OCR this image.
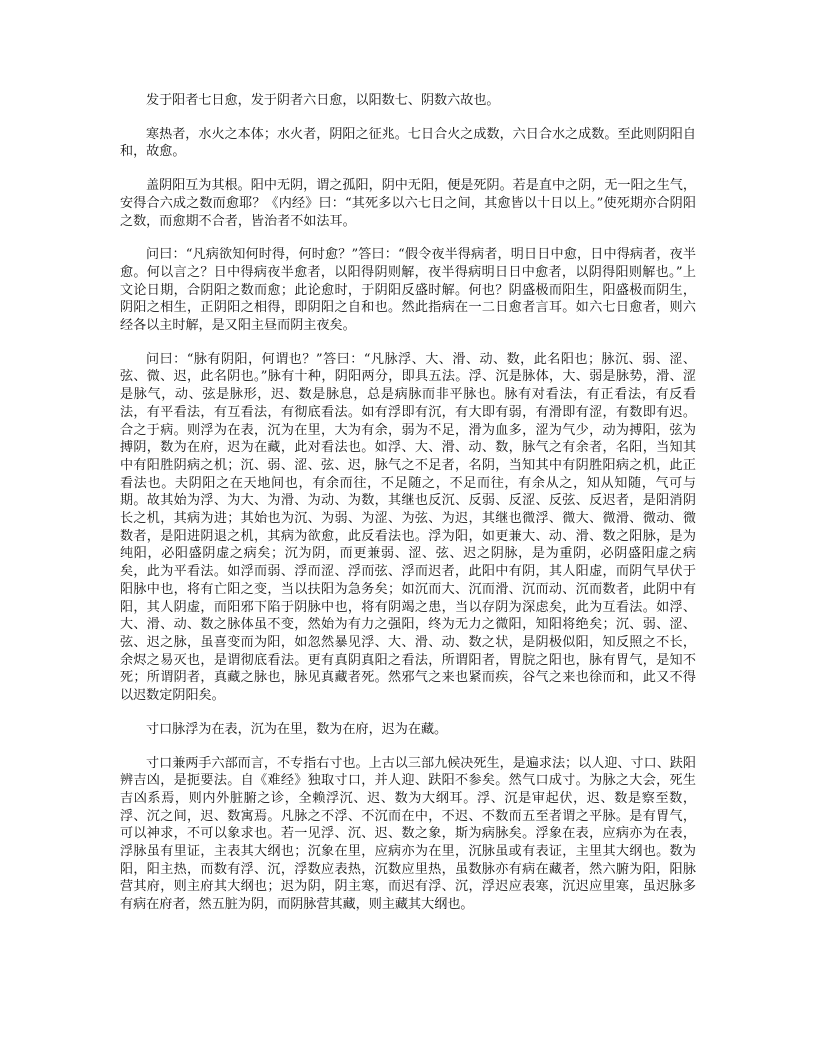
发于阳者七日愈，发于阴者六日愈，以阳数七、阴数六故也。

寒热者，水火之本体；水火者，阴阳之征兆。七日合火之成数，六日合水之成数。至此则阴阳自和，故愈。

盖阴阳互为其根。阳中无阴，谓之孤阳，阴中无阳，便是死阴。若是直中之阴，无一阳之生气，安得合六成之数而愈耶？《内经》曰：“其死多以六七日之间，其愈皆以十日以上。”使死期亦合阴阳之数，而愈期不合者，皆治者不如法耳。

问曰：“凡病欲知何时得，何时愈？”答曰：“假令夜半得病者，明日日中愈，日中得病者，夜半愈。何以言之？日中得病夜半愈者，以阳得阴则解，夜半得病明日日中愈者，以阴得阳则解也。”上文论日期，合阴阳之数而愈；此论愈时，于阴阳反盛时解。何也？阴盛极而阳生，阳盛极而阴生，阴阳之相生，正阴阳之相得，即阴阳之自和也。然此指病在一二日愈者言耳。如六七日愈者，则六经各以主时解，是又阳主昼而阴主夜矣。

问曰：“脉有阴阳，何谓也？”答曰：“凡脉浮、大、滑、动、数，此名阳也；脉沉、弱、涩、弦、微、迟，此名阴也。”脉有十种，阴阳两分，即具五法。浮、沉是脉体，大、弱是脉势，滑、涩是脉气，动、弦是脉形，迟、数是脉息，总是病脉而非平脉也。脉有对看法，有正看法，有反看法，有平看法，有互看法，有彻底看法。如有浮即有沉，有大即有弱，有滑即有涩，有数即有迟。合之于病。则浮为在表，沉为在里，大为有余，弱为不足，滑为血多，涩为气少，动为搏阳，弦为搏阴，数为在府，迟为在藏，此对看法也。如浮、大、滑、动、数，脉气之有余者，名阳，当知其中有阳胜阴病之机；沉、弱、涩、弦、迟，脉气之不足者，名阴，当知其中有阴胜阳病之机，此正看法也。夫阴阳之在天地间也，有余而往，不足随之，不足而往，有余从之，知从知随，气可与期。故其始为浮、为大、为滑、为动、为数，其继也反沉、反弱、反涩、反弦、反迟者，是阳消阴长之机，其病为进；其始也为沉、为弱、为涩、为弦、为迟，其继也微浮、微大、微滑、微动、微数者，是阳进阴退之机，其病为欲愈，此反看法也。浮为阳，如更兼大、动、滑、数之阳脉，是为纯阳，必阳盛阴虚之病矣；沉为阴，而更兼弱、涩、弦、迟之阴脉，是为重阴，必阴盛阳虚之病矣，此为平看法。如浮而弱、浮而涩、浮而弦、浮而迟者，此阳中有阴，其人阳虚，而阴气早伏于阳脉中也，将有亡阳之变，当以扶阳为急务矣；如沉而大、沉而滑、沉而动、沉而数者，此阴中有阳，其人阴虚，而阳邪下陷于阴脉中也，将有阴竭之患，当以存阴为深虑矣，此为互看法。如浮、大、滑、动、数之脉体虽不变，然始为有力之强阳，终为无力之微阳，知阳将绝矣；沉、弱、涩、弦、迟之脉，虽喜变而为阳，如忽然暴见浮、大、滑、动、数之状，是阴极似阳，知反照之不长，余烬之易灭也，是谓彻底看法。更有真阴真阳之看法，所谓阳者，胃脘之阳也，脉有胃气，是知不死；所谓阴者，真藏之脉也，脉见真藏者死。然邪气之来也紧而疾，谷气之来也徐而和，此又不得以迟数定阴阳矣。

寸口脉浮为在表，沉为在里，数为在府，迟为在藏。

寸口兼两手六部而言，不专指右寸也。上古以三部九候决死生，是遍求法；以人迎、寸口、趺阳辨吉凶，是扼要法。自《难经》独取寸口，并人迎、趺阳不参矣。然气口成寸。为脉之大会，死生吉凶系焉，则内外脏腑之诊，全赖浮沉、迟、数为大纲耳。浮、沉是审起伏，迟、数是察至数，浮、沉之间，迟、数寓焉。凡脉之不浮、不沉而在中，不迟、不数而五至者谓之平脉。是有胃气，可以神求，不可以象求也。若一见浮、沉、迟、数之象，斯为病脉矣。浮象在表，应病亦为在表，浮脉虽有里证，主表其大纲也；沉象在里，应病亦为在里，沉脉虽或有表证，主里其大纲也。数为阳，阳主热，而数有浮、沉，浮数应表热，沉数应里热，虽数脉亦有病在藏者，然六腑为阳，阳脉营其府，则主府其大纲也；迟为阴，阴主寒，而迟有浮、沉，浮迟应表寒，沉迟应里寒，虽迟脉多有病在府者，然五脏为阴，而阴脉营其藏，则主藏其大纲也。
